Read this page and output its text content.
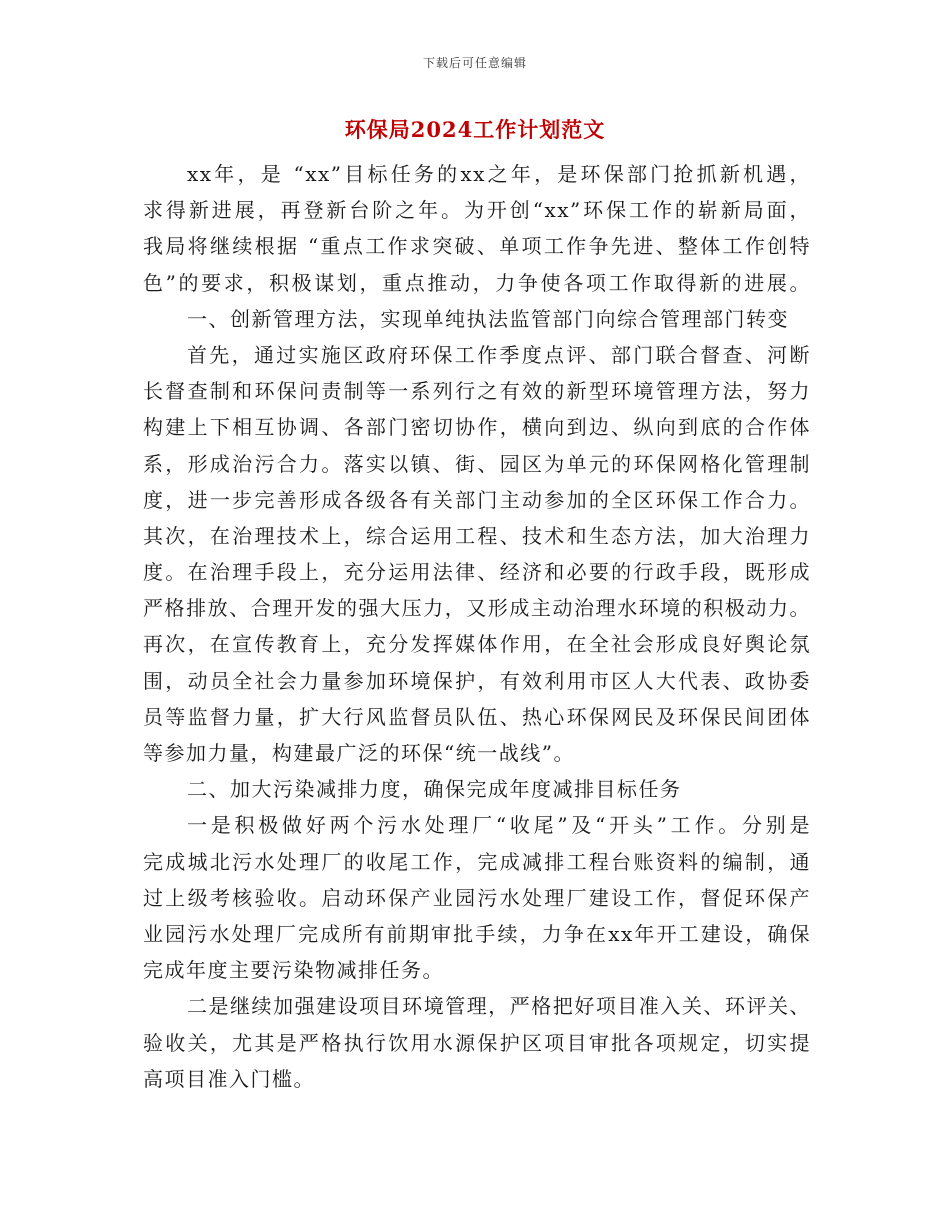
下载后可任意编辑
环保局2024工作计划范文
xx年，是 “xx”目标任务的xx之年，是环保部门抢抓新机遇，
求得新进展，再登新台阶之年。为开创“xx”环保工作的崭新局面，
我局将继续根据 “重点工作求突破、单项工作争先进、整体工作创特
色”的要求，积极谋划，重点推动，力争使各项工作取得新的进展。
一、创新管理方法，实现单纯执法监管部门向综合管理部门转变
首先，通过实施区政府环保工作季度点评、部门联合督查、河断
长督查制和环保问责制等一系列行之有效的新型环境管理方法，努力
构建上下相互协调、各部门密切协作，横向到边、纵向到底的合作体
系，形成治污合力。落实以镇、街、园区为单元的环保网格化管理制
度，进一步完善形成各级各有关部门主动参加的全区环保工作合力。
其次，在治理技术上，综合运用工程、技术和生态方法，加大治理力
度。在治理手段上，充分运用法律、经济和必要的行政手段，既形成
严格排放、合理开发的强大压力，又形成主动治理水环境的积极动力。
再次，在宣传教育上，充分发挥媒体作用，在全社会形成良好舆论氛
围，动员全社会力量参加环境保护，有效利用市区人大代表、政协委
员等监督力量，扩大行风监督员队伍、热心环保网民及环保民间团体
等参加力量，构建最广泛的环保“统一战线”。
二、加大污染减排力度，确保完成年度减排目标任务
一是积极做好两个污水处理厂“收尾”及“开头”工作。分别是
完成城北污水处理厂的收尾工作，完成减排工程台账资料的编制，通
过上级考核验收。启动环保产业园污水处理厂建设工作，督促环保产
业园污水处理厂完成所有前期审批手续，力争在xx年开工建设，确保
完成年度主要污染物减排任务。
二是继续加强建设项目环境管理，严格把好项目准入关、环评关、
验收关，尤其是严格执行饮用水源保护区项目审批各项规定，切实提
高项目准入门槛。
